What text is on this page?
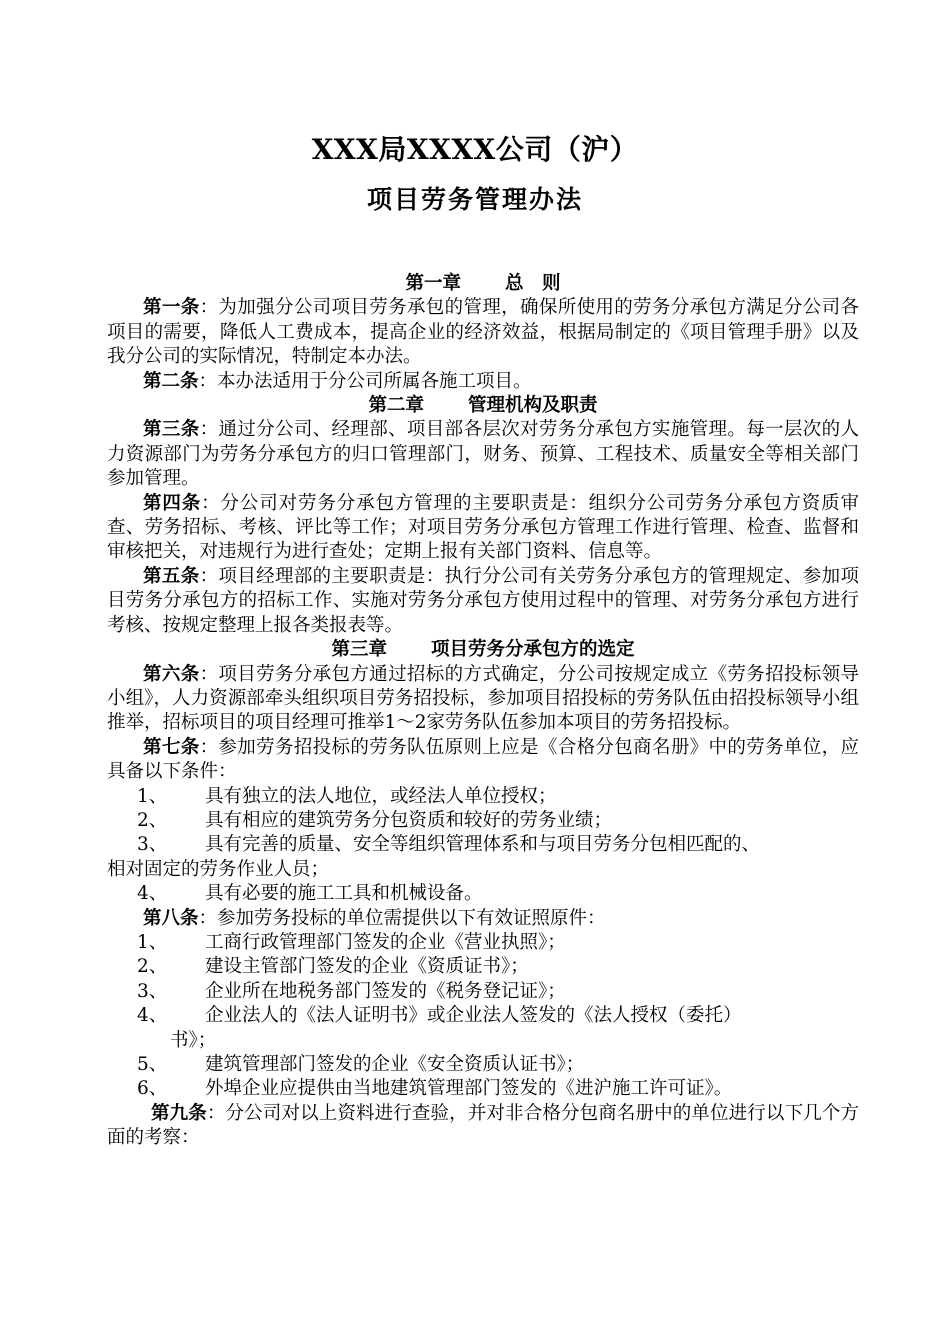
XXX局XXXX公司（沪）
项目劳务管理办法

第一章 总　则

第一条：为加强分公司项目劳务承包的管理，确保所使用的劳务分承包方满足分公司各项目的需要，降低人工费成本，提高企业的经济效益，根据局制定的《项目管理手册》以及我分公司的实际情况，特制定本办法。

第二条：本办法适用于分公司所属各施工项目。

第二章 管理机构及职责

第三条：通过分公司、经理部、项目部各层次对劳务分承包方实施管理。每一层次的人力资源部门为劳务分承包方的归口管理部门，财务、预算、工程技术、质量安全等相关部门参加管理。

第四条：分公司对劳务分承包方管理的主要职责是：组织分公司劳务分承包方资质审查、劳务招标、考核、评比等工作；对项目劳务分承包方管理工作进行管理、检查、监督和审核把关，对违规行为进行查处；定期上报有关部门资料、信息等。

第五条：项目经理部的主要职责是：执行分公司有关劳务分承包方的管理规定、参加项目劳务分承包方的招标工作、实施对劳务分承包方使用过程中的管理、对劳务分承包方进行考核、按规定整理上报各类报表等。

第三章 项目劳务分承包方的选定

第六条：项目劳务分承包方通过招标的方式确定，分公司按规定成立《劳务招投标领导小组》，人力资源部牵头组织项目劳务招投标，参加项目招投标的劳务队伍由招投标领导小组推举，招标项目的项目经理可推举1～2家劳务队伍参加本项目的劳务招投标。

第七条：参加劳务招投标的劳务队伍原则上应是《合格分包商名册》中的劳务单位，应具备以下条件：

1、 具有独立的法人地位，或经法人单位授权；

2、 具有相应的建筑劳务分包资质和较好的劳务业绩；

3、 具有完善的质量、安全等组织管理体系和与项目劳务分包相匹配的、

相对固定的劳务作业人员；

4、 具有必要的施工工具和机械设备。

第八条：参加劳务投标的单位需提供以下有效证照原件：

1、 工商行政管理部门签发的企业《营业执照》；

2、 建设主管部门签发的企业《资质证书》；

3、 企业所在地税务部门签发的《税务登记证》；

4、 企业法人的《法人证明书》或企业法人签发的《法人授权（委托）

书》；

5、 建筑管理部门签发的企业《安全资质认证书》；

6、 外埠企业应提供由当地建筑管理部门签发的《进沪施工许可证》。

第九条：分公司对以上资料进行查验，并对非合格分包商名册中的单位进行以下几个方面的考察：
